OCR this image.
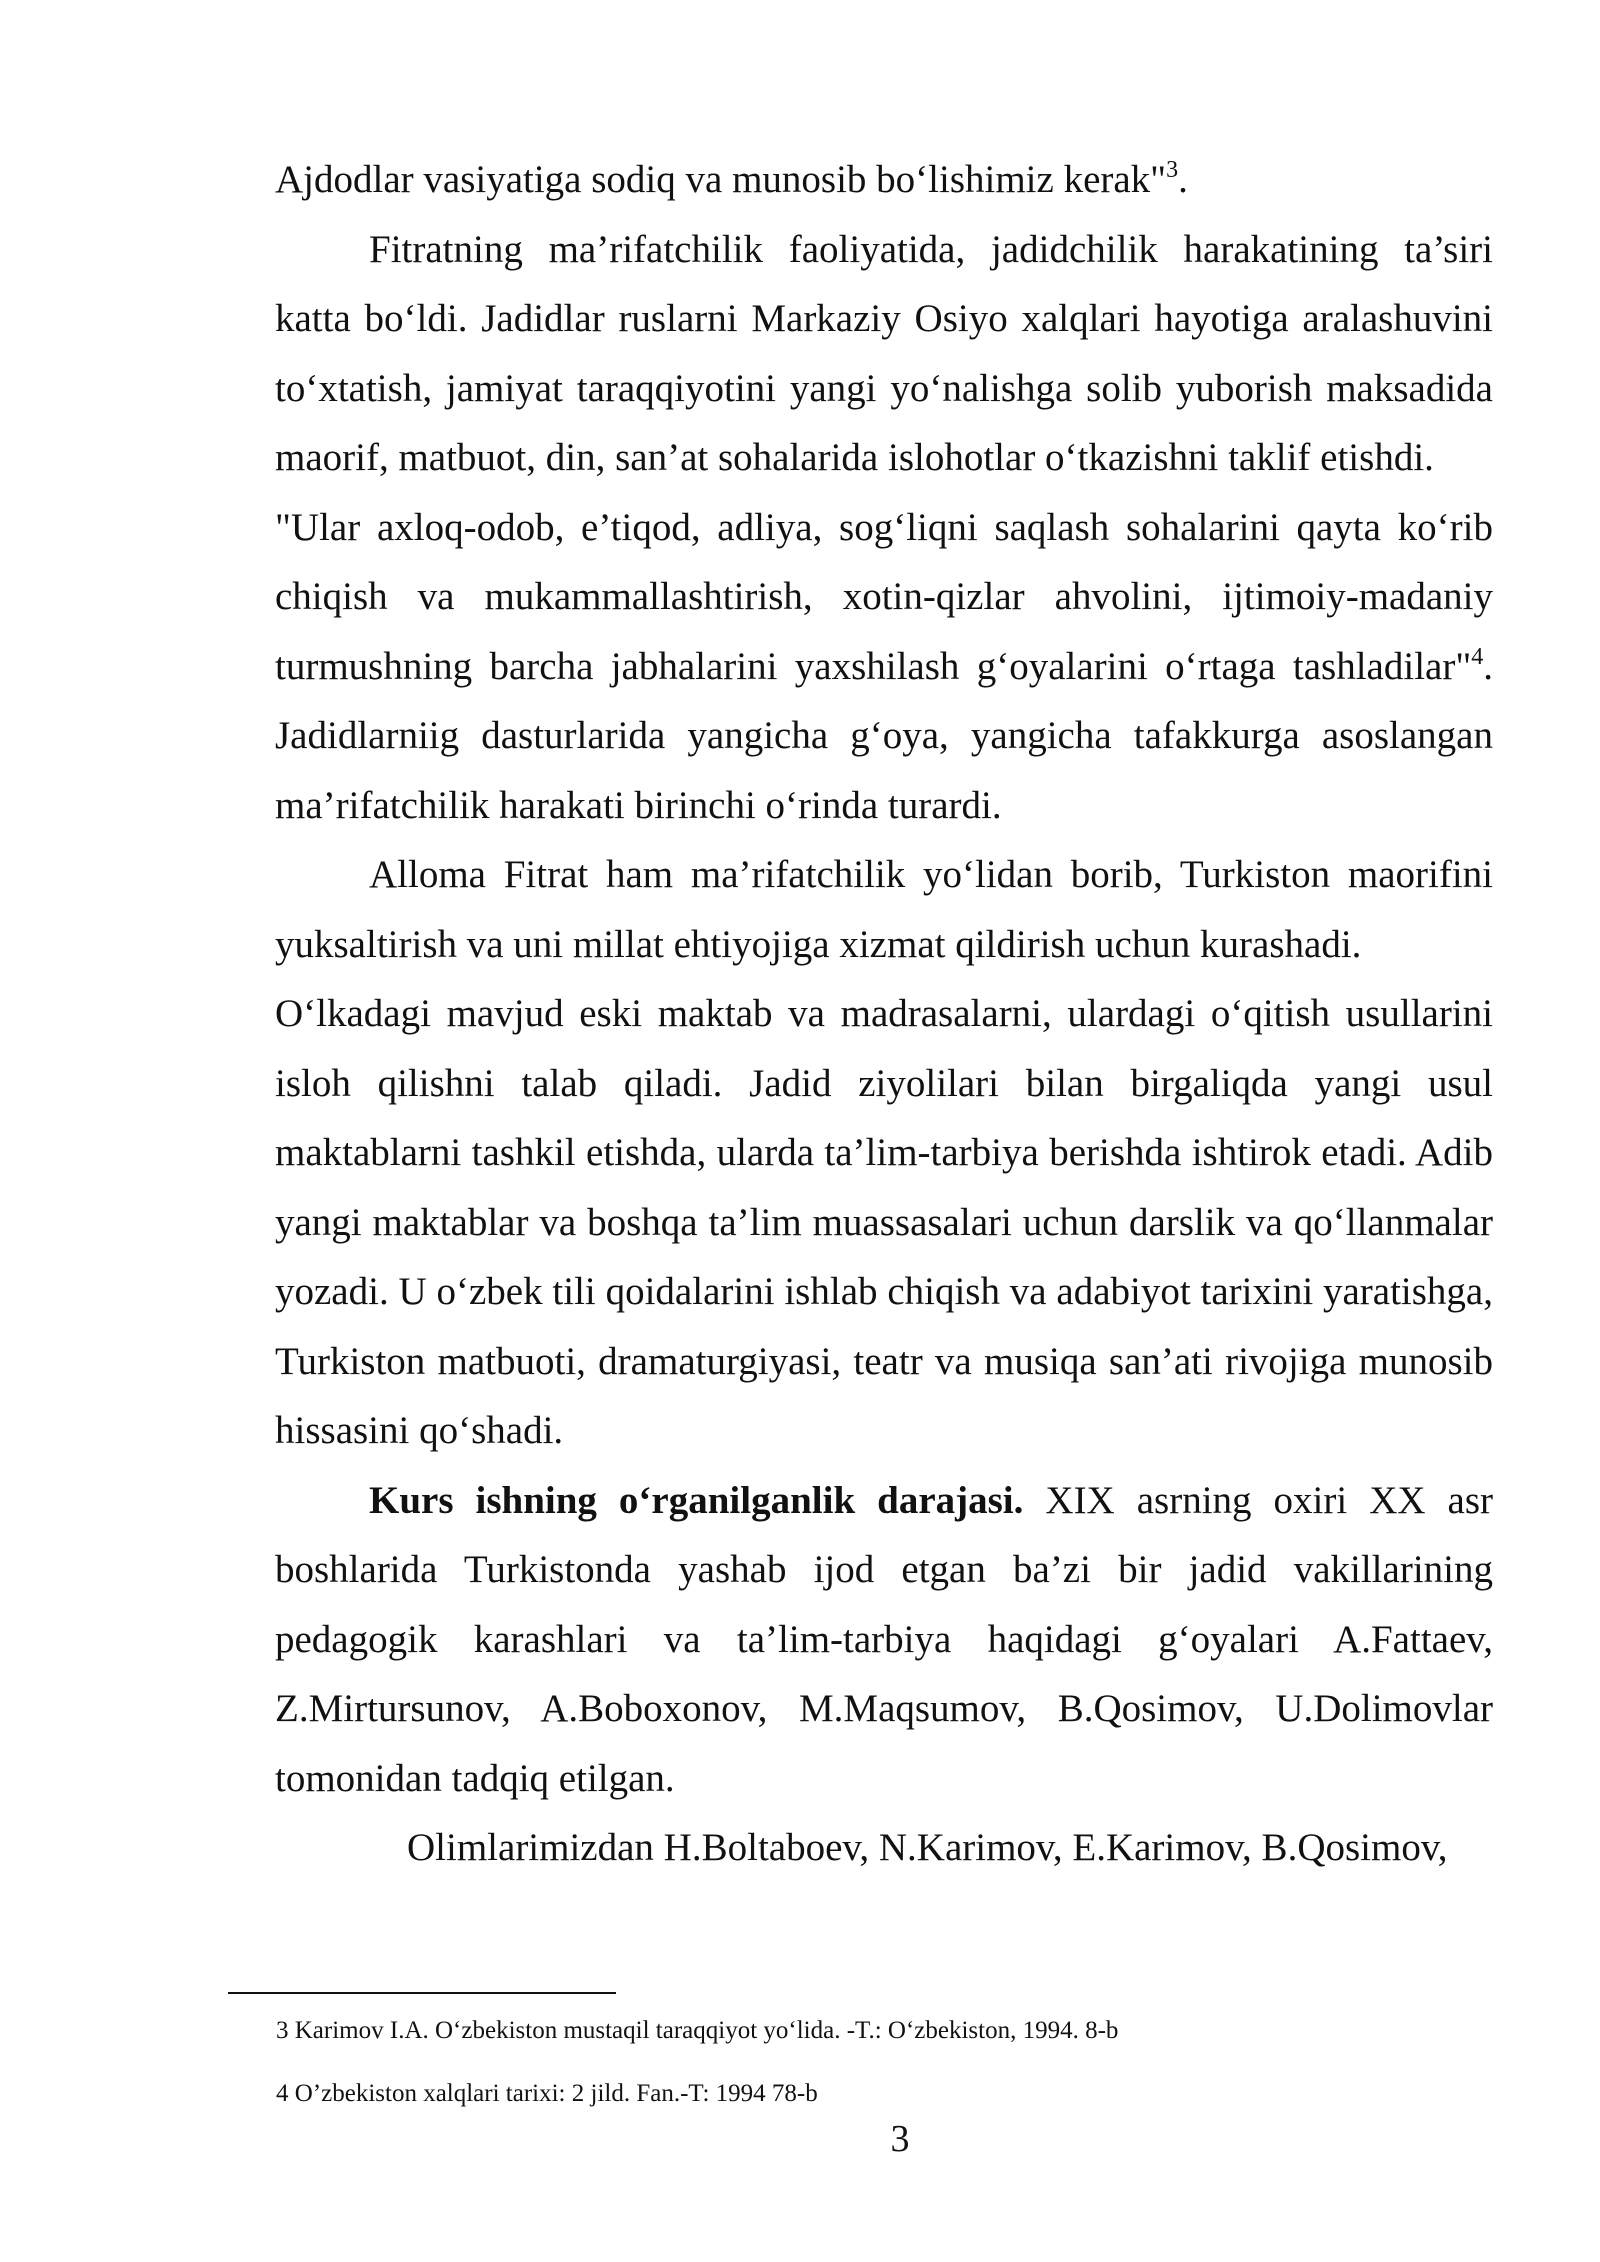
Ajdodlar vasiyatiga sodiq va munosib bo‘lishimiz kerak"$^3$.

Fitratning ma’rifatchilik faoliyatida, jadidchilik harakatining ta’siri katta bo‘ldi. Jadidlar ruslarni Markaziy Osiyo xalqlari hayotiga aralashuvini to‘xtatish, jamiyat taraqqiyotini yangi yo‘nalishga solib yuborish maksadida maorif, matbuot, din, san’at sohalarida islohotlar o‘tkazishni taklif etishdi.

"Ular axloq-odob, e’tiqod, adliya, sog‘liqni saqlash sohalarini qayta ko‘rib chiqish va mukammallashtirish, xotin-qizlar ahvolini, ijtimoiy-madaniy turmushning barcha jabhalarini yaxshilash g‘oyalarini o‘rtaga tashladilar"$^4$. Jadidlarniig dasturlarida yangicha g‘oya, yangicha tafakkurga asoslangan ma’rifatchilik harakati birinchi o‘rinda turardi.

Alloma Fitrat ham ma’rifatchilik yo‘lidan borib, Turkiston maorifini yuksaltirish va uni millat ehtiyojiga xizmat qildirish uchun kurashadi.

O‘lkadagi mavjud eski maktab va madrasalarni, ulardagi o‘qitish usullarini isloh qilishni talab qiladi. Jadid ziyolilari bilan birgaliqda yangi usul maktablarni tashkil etishda, ularda ta’lim-tarbiya berishda ishtirok etadi. Adib yangi maktablar va boshqa ta’lim muassasalari uchun darslik va qo‘llanmalar yozadi. U o‘zbek tili qoidalarini ishlab chiqish va adabiyot tarixini yaratishga, Turkiston matbuoti, dramaturgiyasi, teatr va musiqa san’ati rivojiga munosib hissasini qo‘shadi.

Kurs ishning o‘rganilganlik darajasi. XIX asrning oxiri XX asr boshlarida Turkistonda yashab ijod etgan ba’zi bir jadid vakillarining pedagogik karashlari va ta’lim-tarbiya haqidagi g‘oyalari A.Fattaev, Z.Mirtursunov, A.Boboxonov, M.Maqsumov, B.Qosimov, U.Dolimovlar tomonidan tadqiq etilgan.

Olimlarimizdan H.Boltaboev, N.Karimov, E.Karimov, B.Qosimov,

3 Karimov I.A. O‘zbekiston mustaqil taraqqiyot yo‘lida. -T.: O‘zbekiston, 1994. 8-b
4 O’zbekiston xalqlari tarixi: 2 jild. Fan.-T: 1994 78-b
3
